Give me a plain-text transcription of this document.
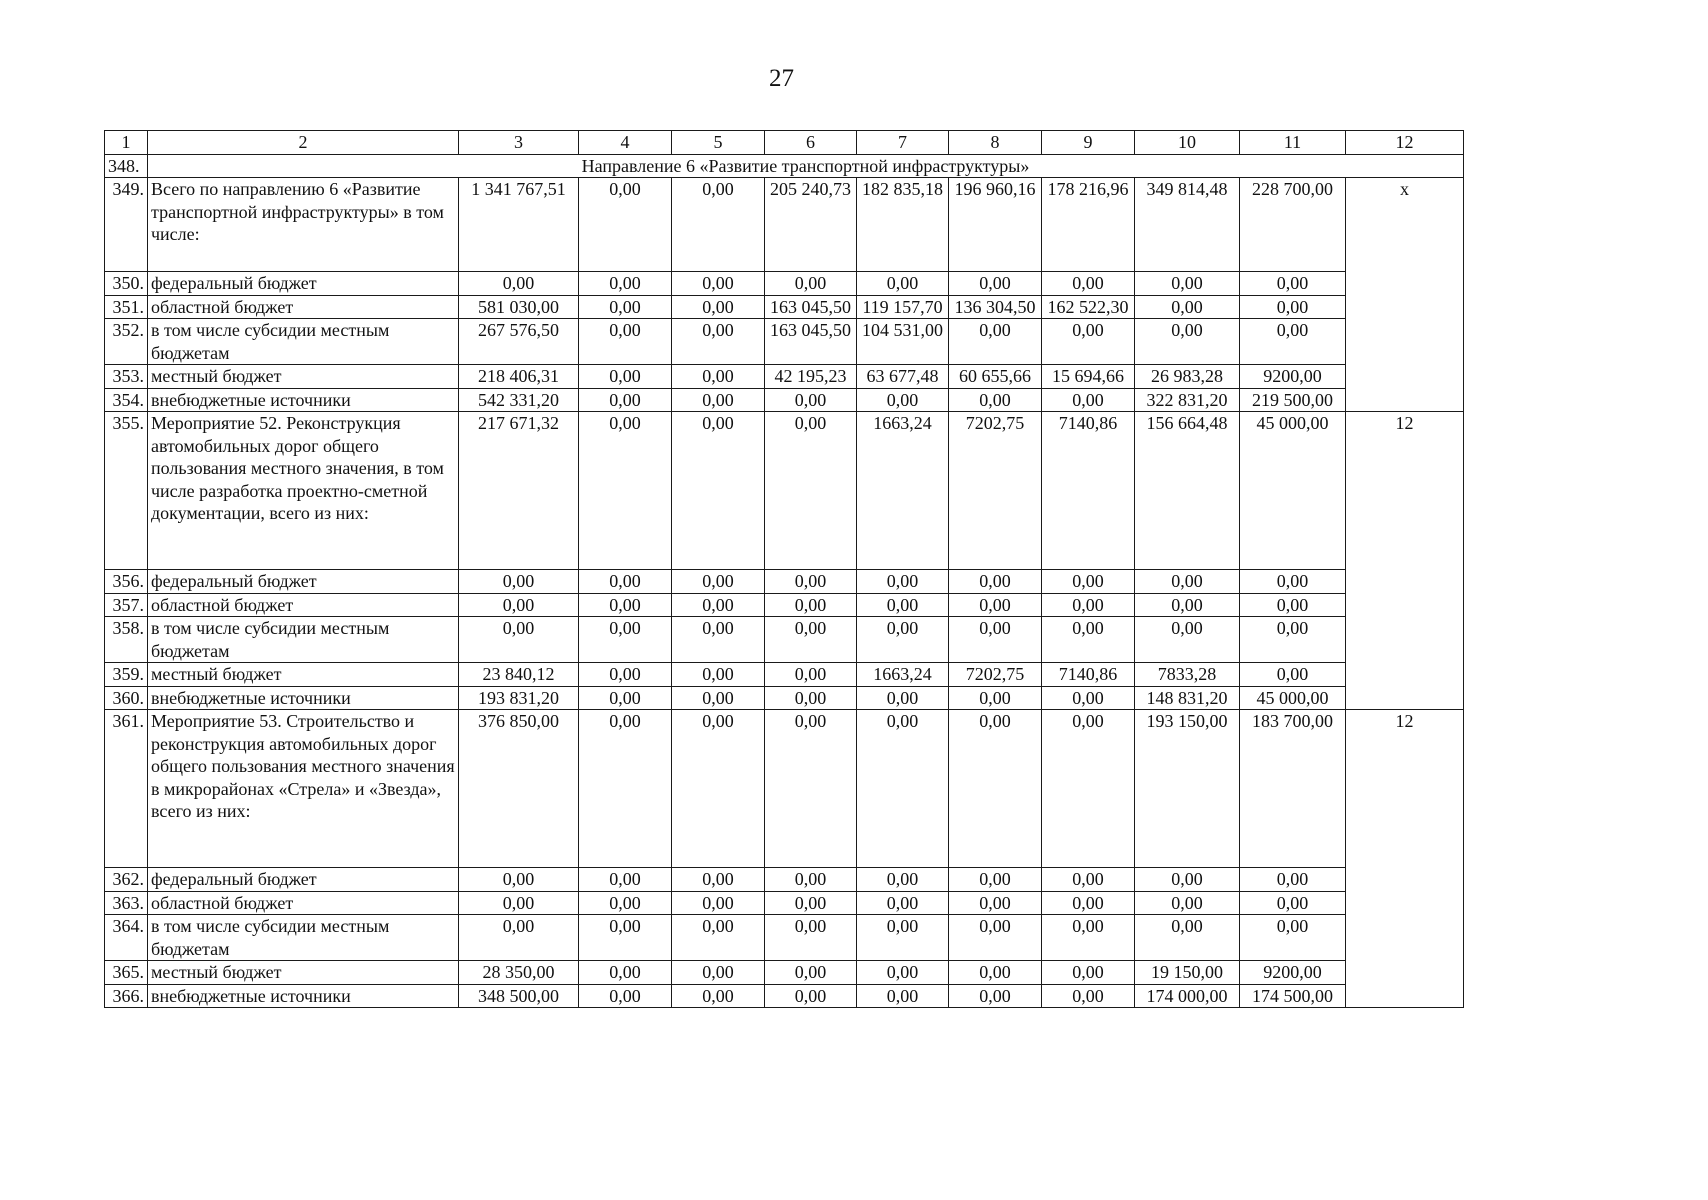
27
1	2	3	4	5	6	7	8	9	10	11	12
348.	Направление 6 «Развитие транспортной инфраструктуры»										
349.	Всего по направлению 6 «Развитие транспортной инфраструктуры» в том числе:	1 341 767,51	0,00	0,00	205 240,73	182 835,18	196 960,16	178 216,96	349 814,48	228 700,00	х
350.	федеральный бюджет	0,00	0,00	0,00	0,00	0,00	0,00	0,00	0,00	0,00	
351.	областной бюджет	581 030,00	0,00	0,00	163 045,50	119 157,70	136 304,50	162 522,30	0,00	0,00	
352.	в том числе субсидии местным бюджетам	267 576,50	0,00	0,00	163 045,50	104 531,00	0,00	0,00	0,00	0,00	
353.	местный бюджет	218 406,31	0,00	0,00	42 195,23	63 677,48	60 655,66	15 694,66	26 983,28	9200,00	
354.	внебюджетные источники	542 331,20	0,00	0,00	0,00	0,00	0,00	0,00	322 831,20	219 500,00	
355.	Мероприятие 52. Реконструкция автомобильных дорог общего пользования местного значения, в том числе разработка проектно-сметной документации, всего из них:	217 671,32	0,00	0,00	0,00	1663,24	7202,75	7140,86	156 664,48	45 000,00	12
356.	федеральный бюджет	0,00	0,00	0,00	0,00	0,00	0,00	0,00	0,00	0,00	
357.	областной бюджет	0,00	0,00	0,00	0,00	0,00	0,00	0,00	0,00	0,00	
358.	в том числе субсидии местным бюджетам	0,00	0,00	0,00	0,00	0,00	0,00	0,00	0,00	0,00	
359.	местный бюджет	23 840,12	0,00	0,00	0,00	1663,24	7202,75	7140,86	7833,28	0,00	
360.	внебюджетные источники	193 831,20	0,00	0,00	0,00	0,00	0,00	0,00	148 831,20	45 000,00	
361.	Мероприятие 53. Строительство и реконструкция автомобильных дорог общего пользования местного значения в микрорайонах «Стрела» и «Звезда», всего из них:	376 850,00	0,00	0,00	0,00	0,00	0,00	0,00	193 150,00	183 700,00	12
362.	федеральный бюджет	0,00	0,00	0,00	0,00	0,00	0,00	0,00	0,00	0,00	
363.	областной бюджет	0,00	0,00	0,00	0,00	0,00	0,00	0,00	0,00	0,00	
364.	в том числе субсидии местным бюджетам	0,00	0,00	0,00	0,00	0,00	0,00	0,00	0,00	0,00	
365.	местный бюджет	28 350,00	0,00	0,00	0,00	0,00	0,00	0,00	19 150,00	9200,00	
366.	внебюджетные источники	348 500,00	0,00	0,00	0,00	0,00	0,00	0,00	174 000,00	174 500,00	
